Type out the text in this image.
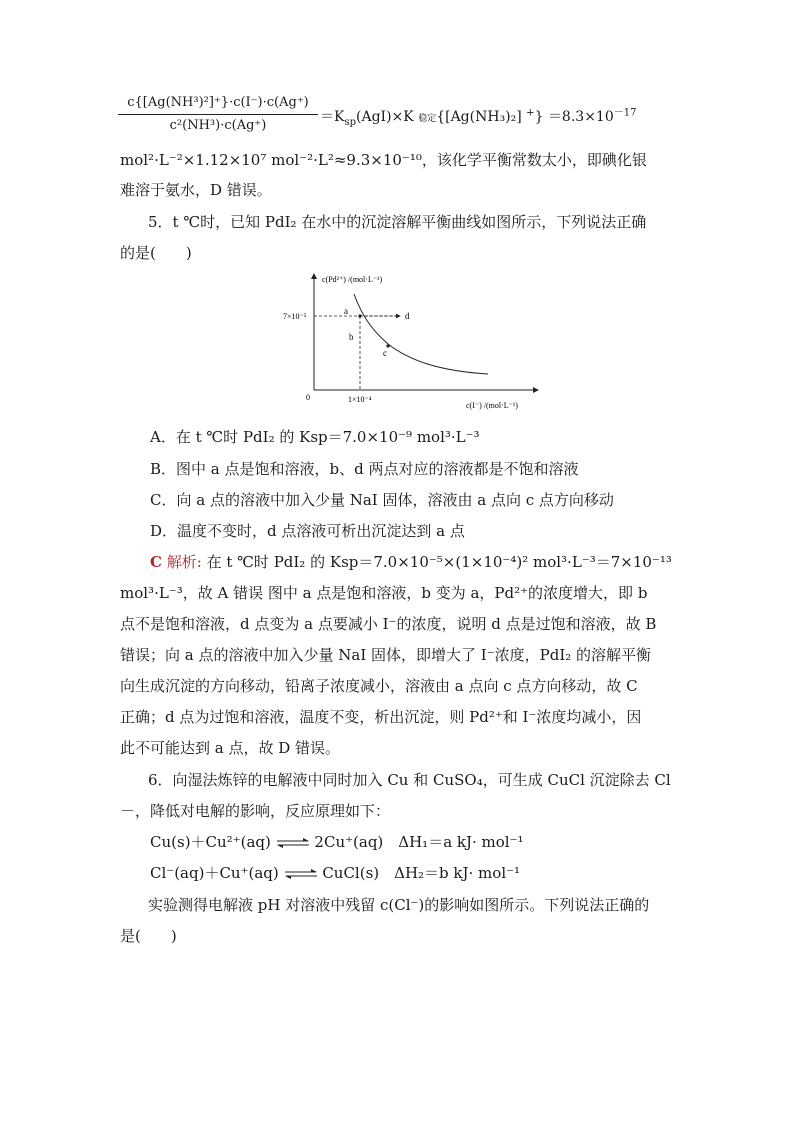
c{[Ag(NH³)²]⁺}·c(I⁻)·c(Ag⁺)
c²(NH³)·c(Ag⁺)
$=K_{sp}(AgI)\times K$ 稳定{[Ag(NH₃)₂] $^+\} =8.3\times 10^{-17}$
mol²·L⁻²×1.12×10⁷ mol⁻²·L²≈9.3×10⁻¹⁰，该化学平衡常数太小，即碘化银
难溶于氨水，D 错误。
5．t ℃时，已知 PdI₂ 在水中的沉淀溶解平衡曲线如图所示，下列说法正确
的是(　　)
c(Pd²⁺) /(mol·L⁻¹)
c(I⁻) /(mol·L⁻¹)
0
7×10⁻⁵
1×10⁻⁴
a
b
c
d
A．在 t ℃时 PdI₂ 的 Ksp＝7.0×10⁻⁹ mol³·L⁻³
B．图中 a 点是饱和溶液，b、d 两点对应的溶液都是不饱和溶液
C．向 a 点的溶液中加入少量 NaI 固体，溶液由 a 点向 c 点方向移动
D．温度不变时，d 点溶液可析出沉淀达到 a 点
C 解析: 在 t ℃时 PdI₂ 的 Ksp＝7.0×10⁻⁵×(1×10⁻⁴)² mol³·L⁻³＝7×10⁻¹³
mol³·L⁻³，故 A 错误 图中 a 点是饱和溶液，b 变为 a，Pd²⁺的浓度增大，即 b
点不是饱和溶液，d 点变为 a 点要减小 I⁻的浓度，说明 d 点是过饱和溶液，故 B
错误；向 a 点的溶液中加入少量 NaI 固体，即增大了 I⁻浓度，PdI₂ 的溶解平衡
向生成沉淀的方向移动，铅离子浓度减小，溶液由 a 点向 c 点方向移动，故 C
正确；d 点为过饱和溶液，温度不变，析出沉淀，则 Pd²⁺和 I⁻浓度均减小，因
此不可能达到 a 点，故 D 错误。
6．向湿法炼锌的电解液中同时加入 Cu 和 CuSO₄，可生成 CuCl 沉淀除去 Cl
－，降低对电解的影响，反应原理如下：
Cu(s)＋Cu²⁺(aq) ⇌ 2Cu⁺(aq)　ΔH₁＝a kJ· mol⁻¹
Cl⁻(aq)＋Cu⁺(aq) ⇌ CuCl(s)　ΔH₂＝b kJ· mol⁻¹
实验测得电解液 pH 对溶液中残留 c(Cl⁻)的影响如图所示。下列说法正确的
是(　　)
